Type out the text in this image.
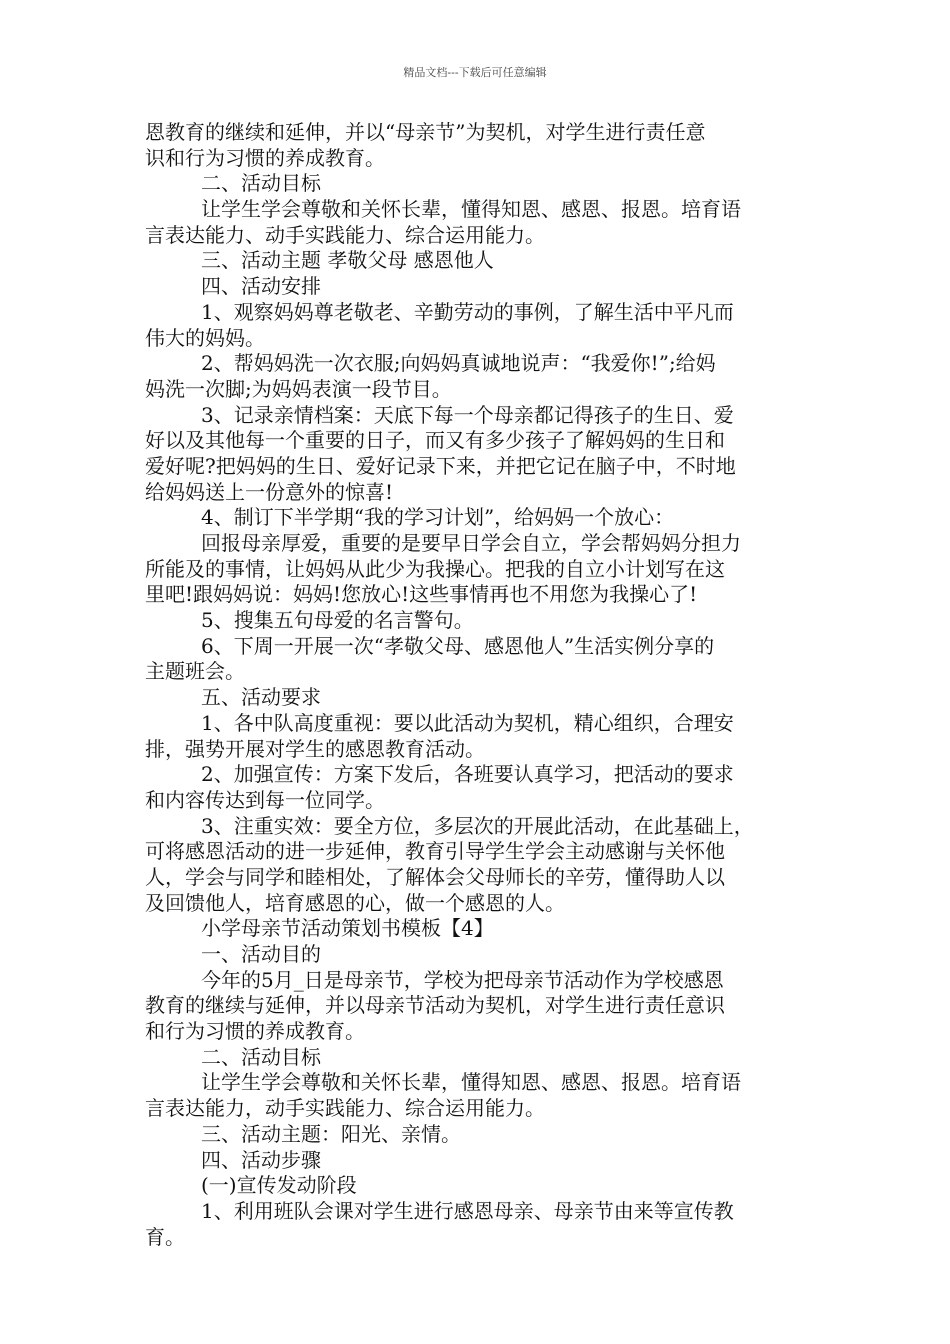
精品文档---下载后可任意编辑
恩教育的继续和延伸，并以“母亲节”为契机，对学生进行责任意
识和行为习惯的养成教育。
二、活动目标
让学生学会尊敬和关怀长辈，懂得知恩、感恩、报恩。培育语
言表达能力、动手实践能力、综合运用能力。
三、活动主题 孝敬父母 感恩他人
四、活动安排
1、观察妈妈尊老敬老、辛勤劳动的事例，了解生活中平凡而
伟大的妈妈。
2、帮妈妈洗一次衣服;向妈妈真诚地说声：“我爱你!”;给妈
妈洗一次脚;为妈妈表演一段节目。
3、记录亲情档案：天底下每一个母亲都记得孩子的生日、爱
好以及其他每一个重要的日子，而又有多少孩子了解妈妈的生日和
爱好呢?把妈妈的生日、爱好记录下来，并把它记在脑子中，不时地
给妈妈送上一份意外的惊喜!
4、制订下半学期“我的学习计划”，给妈妈一个放心：
回报母亲厚爱，重要的是要早日学会自立，学会帮妈妈分担力
所能及的事情，让妈妈从此少为我操心。把我的自立小计划写在这
里吧!跟妈妈说：妈妈!您放心!这些事情再也不用您为我操心了!
5、搜集五句母爱的名言警句。
6、下周一开展一次“孝敬父母、感恩他人”生活实例分享的
主题班会。
五、活动要求
1、各中队高度重视：要以此活动为契机，精心组织，合理安
排，强势开展对学生的感恩教育活动。
2、加强宣传：方案下发后，各班要认真学习，把活动的要求
和内容传达到每一位同学。
3、注重实效：要全方位，多层次的开展此活动，在此基础上，
可将感恩活动的进一步延伸，教育引导学生学会主动感谢与关怀他
人，学会与同学和睦相处，了解体会父母师长的辛劳，懂得助人以
及回馈他人，培育感恩的心，做一个感恩的人。
小学母亲节活动策划书模板【4】
一、活动目的
今年的5月_日是母亲节，学校为把母亲节活动作为学校感恩
教育的继续与延伸，并以母亲节活动为契机，对学生进行责任意识
和行为习惯的养成教育。
二、活动目标
让学生学会尊敬和关怀长辈，懂得知恩、感恩、报恩。培育语
言表达能力，动手实践能力、综合运用能力。
三、活动主题：阳光、亲情。
四、活动步骤
(一)宣传发动阶段
1、利用班队会课对学生进行感恩母亲、母亲节由来等宣传教
育。
